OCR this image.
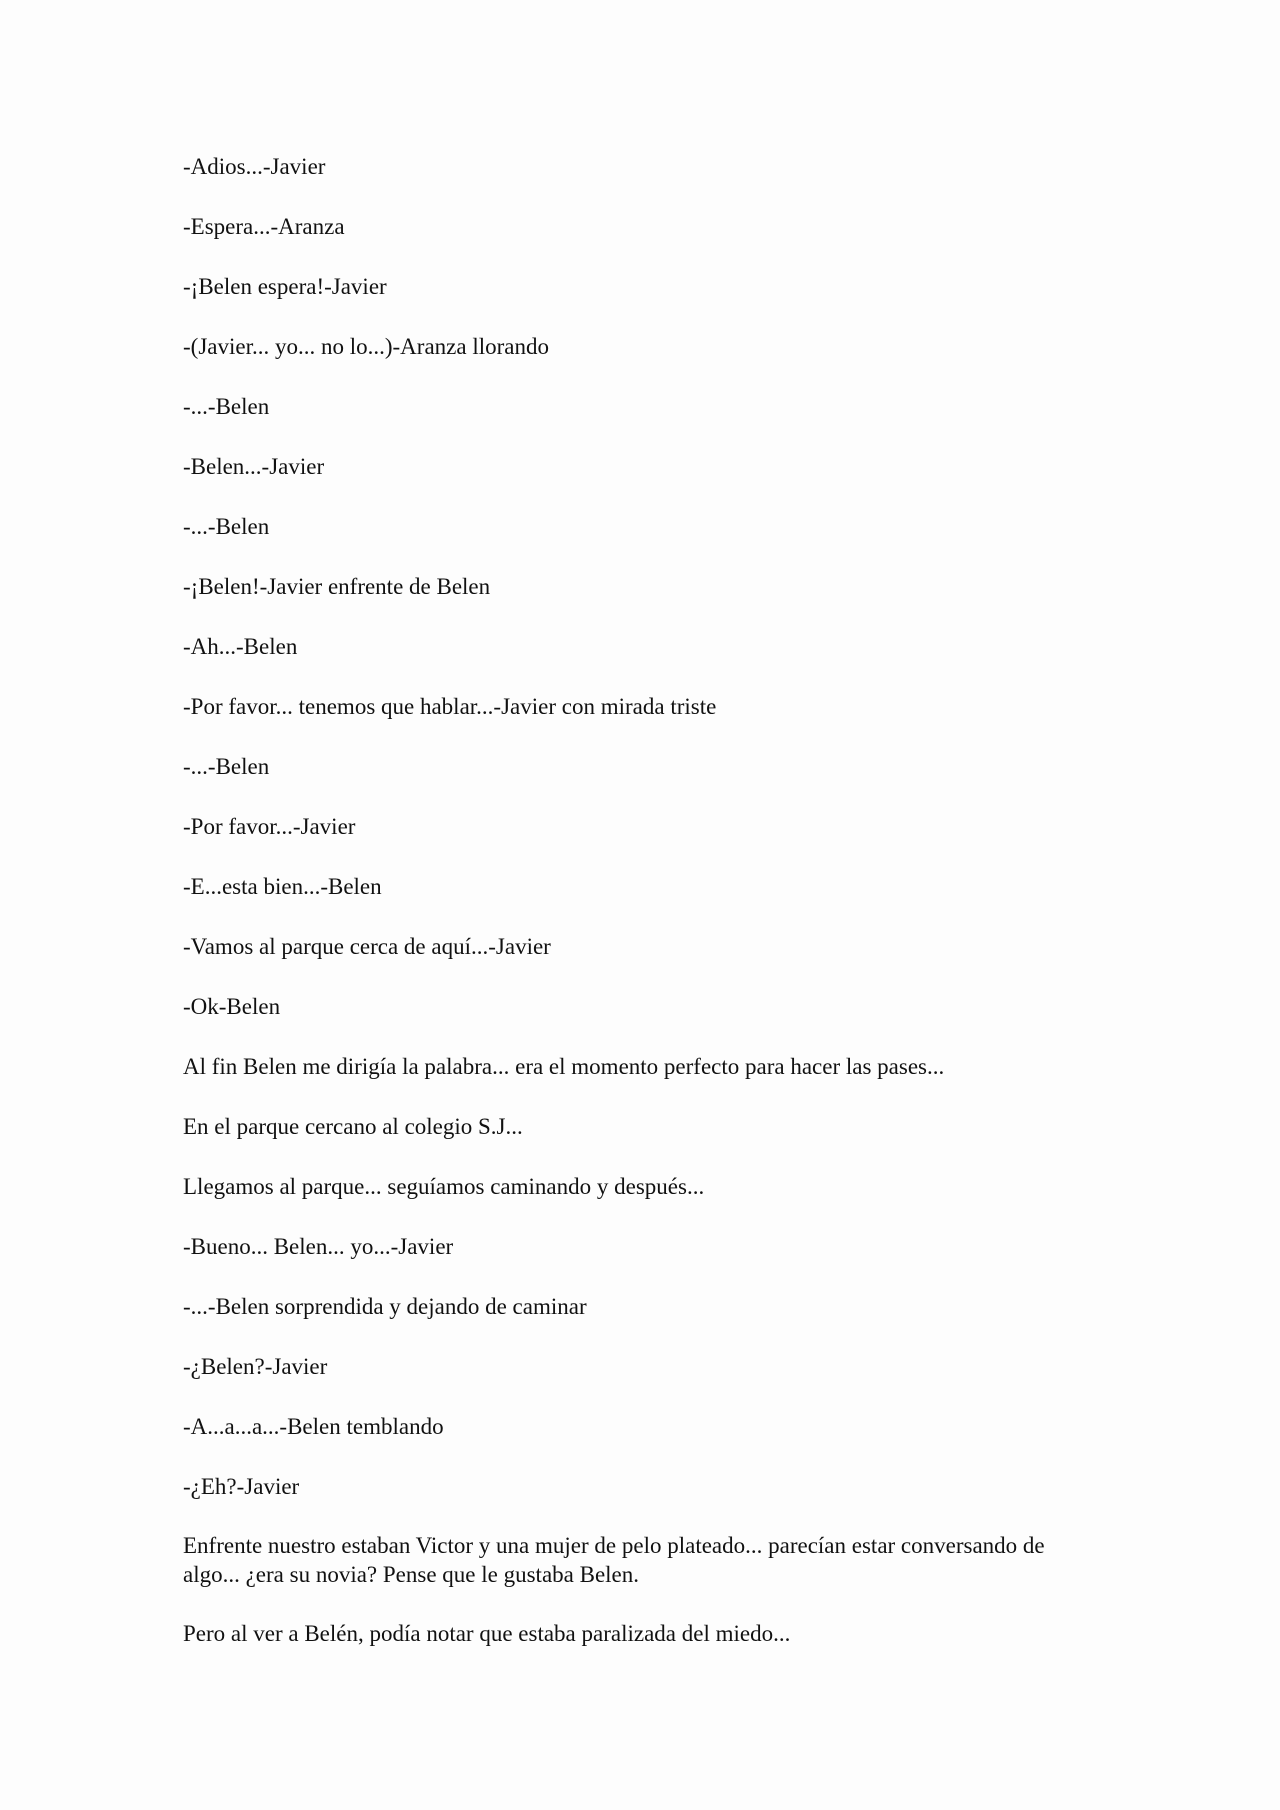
-Adios...-Javier

-Espera...-Aranza

-¡Belen espera!-Javier

-(Javier... yo... no lo...)-Aranza llorando

-...-Belen

-Belen...-Javier

-...-Belen

-¡Belen!-Javier enfrente de Belen

-Ah...-Belen

-Por favor... tenemos que hablar...-Javier con mirada triste

-...-Belen

-Por favor...-Javier

-E...esta bien...-Belen

-Vamos al parque cerca de aquí...-Javier

-Ok-Belen

Al fin Belen me dirigía la palabra... era el momento perfecto para hacer las pases...

En el parque cercano al colegio S.J...

Llegamos al parque... seguíamos caminando y después...

-Bueno... Belen... yo...-Javier

-...-Belen sorprendida y dejando de caminar

-¿Belen?-Javier

-A...a...a...-Belen temblando

-¿Eh?-Javier

Enfrente nuestro estaban Victor y una mujer de pelo plateado... parecían estar conversando de algo... ¿era su novia? Pense que le gustaba Belen.

Pero al ver a Belén, podía notar que estaba paralizada del miedo...
